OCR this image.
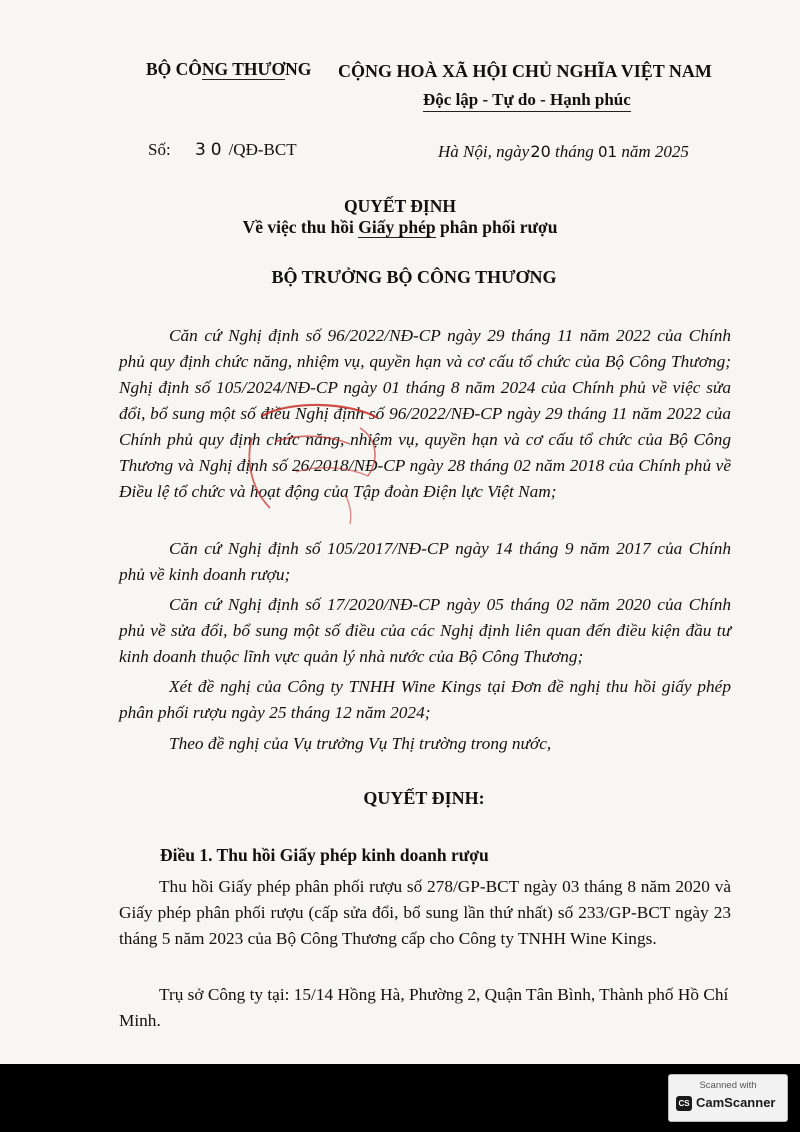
BỘ CÔNG THƯƠNG CỘNG HOÀ XÃ HỘI CHỦ NGHĨA VIỆT NAM
Độc lập - Tự do - Hạnh phúc
Số: 30 /QĐ-BCT	Hà Nội, ngày 20 tháng 01 năm 2025
QUYẾT ĐỊNH
Về việc thu hồi Giấy phép phân phối rượu
BỘ TRƯỞNG BỘ CÔNG THƯƠNG

Căn cứ Nghị định số 96/2022/NĐ-CP ngày 29 tháng 11 năm 2022 của Chính phủ quy định chức năng, nhiệm vụ, quyền hạn và cơ cấu tổ chức của Bộ Công Thương; Nghị định số 105/2024/NĐ-CP ngày 01 tháng 8 năm 2024 của Chính phủ về việc sửa đổi, bổ sung một số điều Nghị định số 96/2022/NĐ-CP ngày 29 tháng 11 năm 2022 của Chính phủ quy định chức năng, nhiệm vụ, quyền hạn và cơ cấu tổ chức của Bộ Công Thương và Nghị định số 26/2018/NĐ-CP ngày 28 tháng 02 năm 2018 của Chính phủ về Điều lệ tổ chức và hoạt động của Tập đoàn Điện lực Việt Nam;

Căn cứ Nghị định số 105/2017/NĐ-CP ngày 14 tháng 9 năm 2017 của Chính phủ về kinh doanh rượu;

Căn cứ Nghị định số 17/2020/NĐ-CP ngày 05 tháng 02 năm 2020 của Chính phủ về sửa đổi, bổ sung một số điều của các Nghị định liên quan đến điều kiện đầu tư kinh doanh thuộc lĩnh vực quản lý nhà nước của Bộ Công Thương;

Xét đề nghị của Công ty TNHH Wine Kings tại Đơn đề nghị thu hồi giấy phép phân phối rượu ngày 25 tháng 12 năm 2024;

Theo đề nghị của Vụ trưởng Vụ Thị trường trong nước,

QUYẾT ĐỊNH:
Điều 1. Thu hồi Giấy phép kinh doanh rượu

Thu hồi Giấy phép phân phối rượu số 278/GP-BCT ngày 03 tháng 8 năm 2020 và Giấy phép phân phối rượu (cấp sửa đổi, bổ sung lần thứ nhất) số 233/GP-BCT ngày 23 tháng 5 năm 2023 của Bộ Công Thương cấp cho Công ty TNHH Wine Kings.

Trụ sở Công ty tại: 15/14 Hồng Hà, Phường 2, Quận Tân Bình, Thành phố Hồ Chí Minh.

Scanned with
CS CamScanner
